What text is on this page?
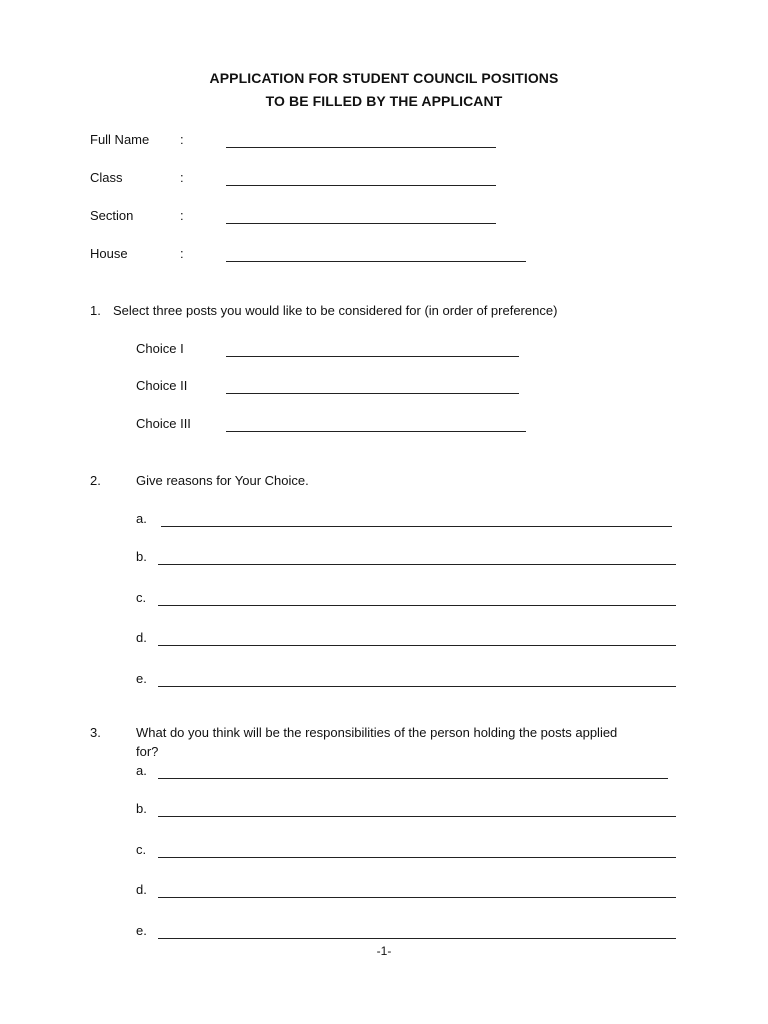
APPLICATION FOR STUDENT COUNCIL POSITIONS
TO BE FILLED BY THE APPLICANT
Full Name :
Class	:
Section	:
House	:
1. Select three posts you would like to be considered for (in order of preference)
Choice I
Choice II
Choice III
2.	Give reasons for Your Choice.
a.
b.
c.
d.
e.
3.	What do you think will be the responsibilities of the person holding the posts applied
for?
a.
b.
c.
d.
e.
-1-
